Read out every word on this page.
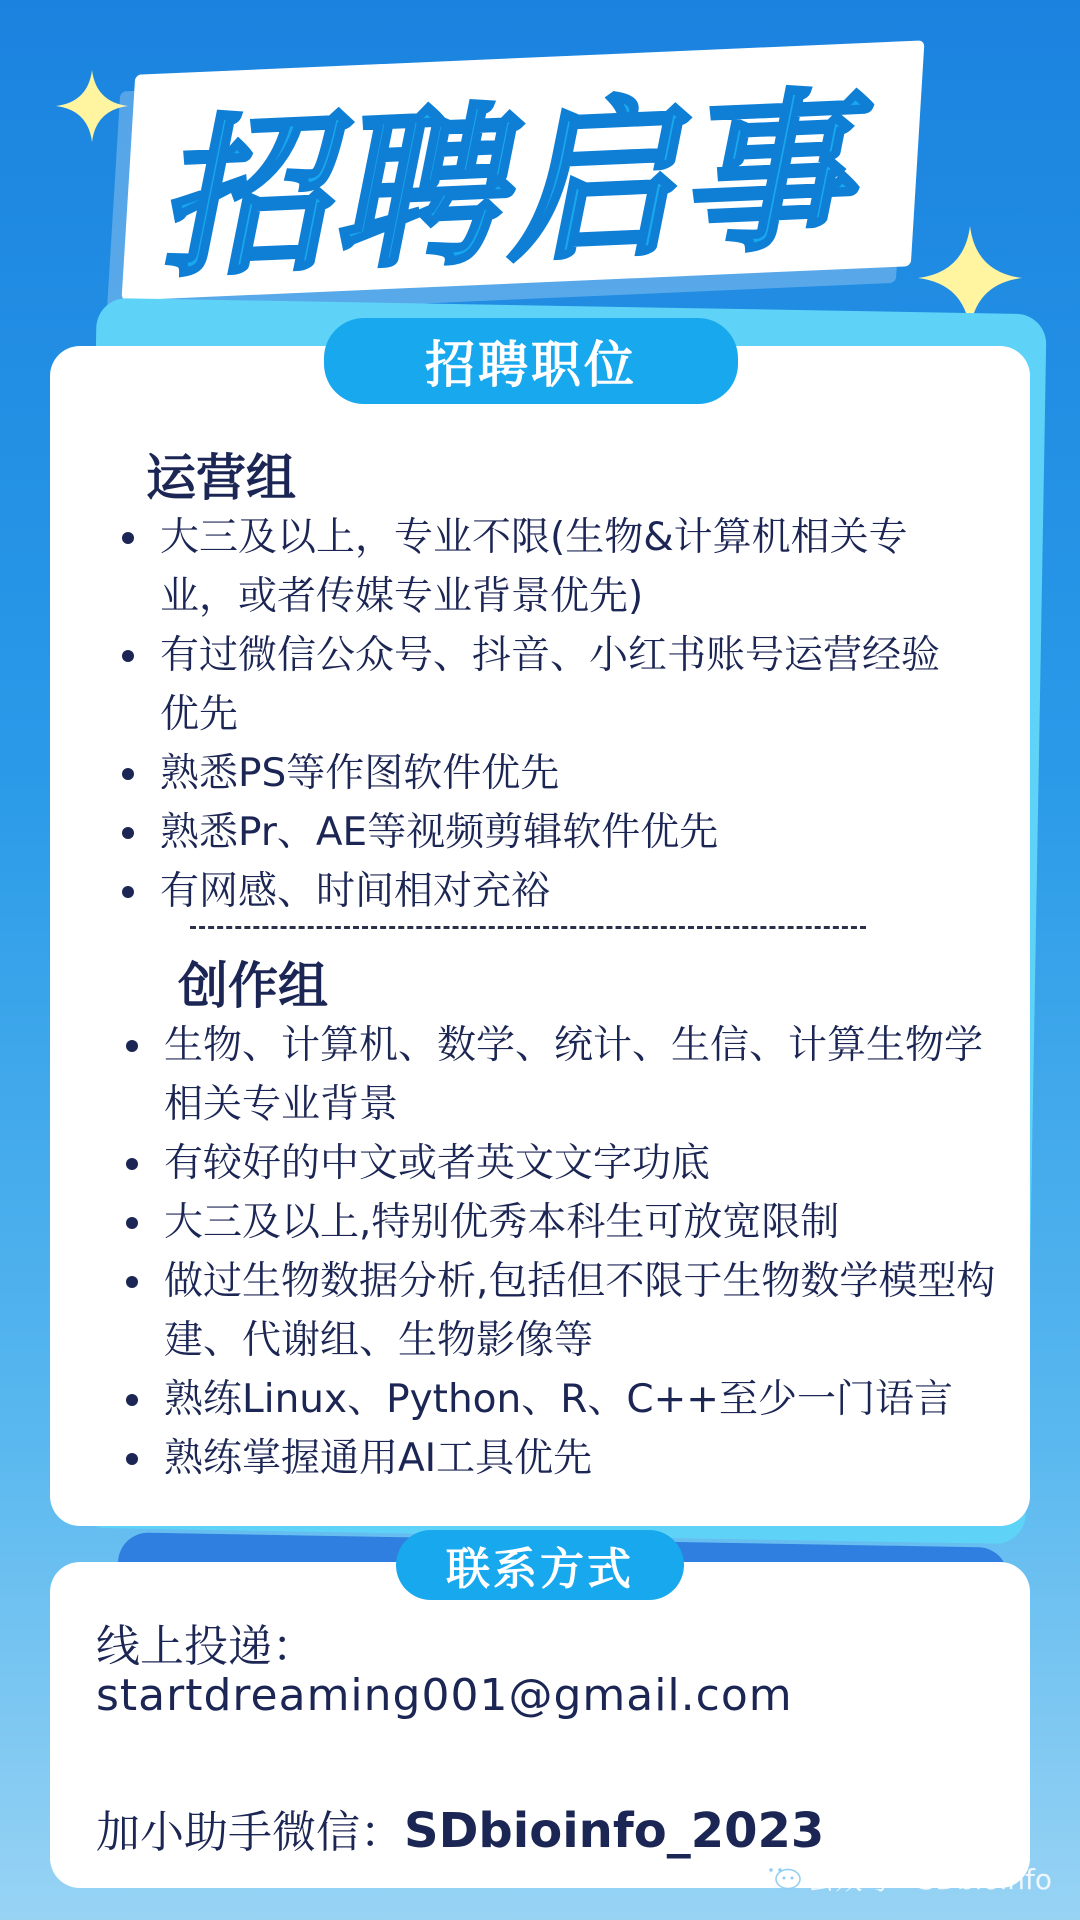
招聘启事
招聘职位
运营组
大三及以上，专业不限(生物&计算机相关专业，或者传媒专业背景优先)
有过微信公众号、抖音、小红书账号运营经验优先
熟悉PS等作图软件优先
熟悉Pr、AE等视频剪辑软件优先
有网感、时间相对充裕
创作组
生物、计算机、数学、统计、生信、计算生物学相关专业背景
有较好的中文或者英文文字功底
大三及以上,特别优秀本科生可放宽限制
做过生物数据分析,包括但不限于生物数学模型构建、代谢组、生物影像等
熟练Linux、Python、R、C++至少一门语言
熟练掌握通用AI工具优先
联系方式
线上投递：
startdreaming001@gmail.com
加小助手微信：SDbioinfo_2023
公众号 · SDbioinfo
